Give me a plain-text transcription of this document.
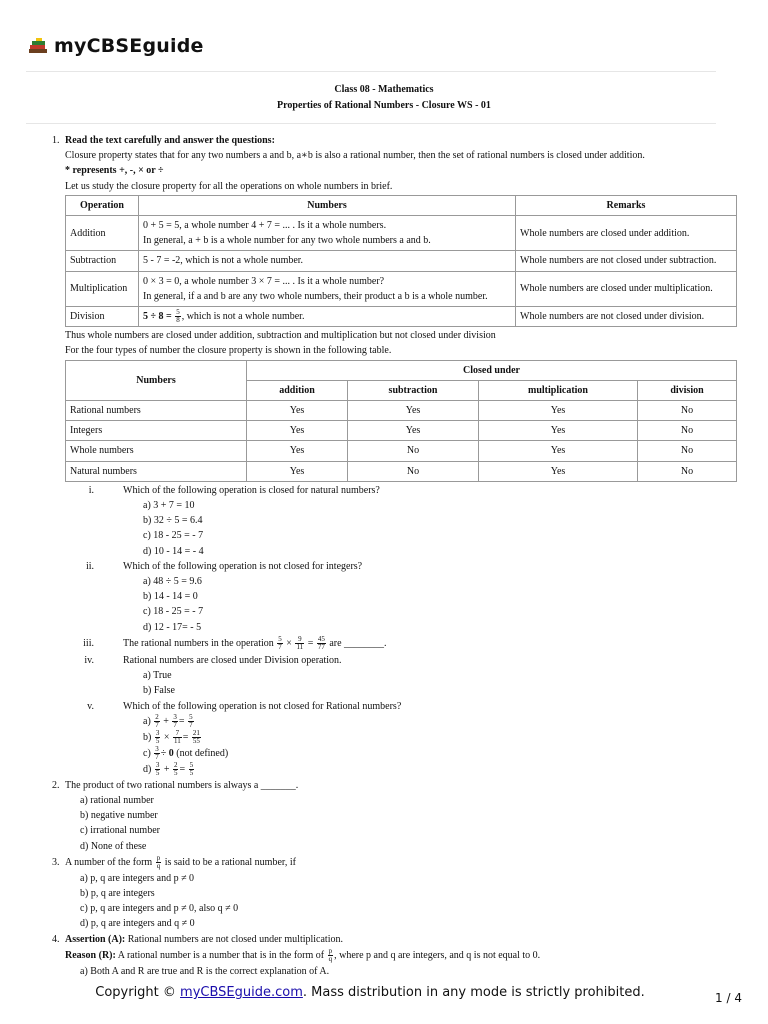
myCBSEguide
Class 08 - Mathematics
Properties of Rational Numbers - Closure WS - 01
1. Read the text carefully and answer the questions:
Closure property states that for any two numbers a and b, a∗b is also a rational number, then the set of rational numbers is closed under addition.
* represents +, -, × or ÷
Let us study the closure property for all the operations on whole numbers in brief.
Operation	Numbers	Remarks
Addition	0 + 5 = 5, a whole number 4 + 7 = ... . Is it a whole numbers.
In general, a + b is a whole number for any two whole numbers a and b.	Whole numbers are closed under addition.
Subtraction	5 - 7 = -2, which is not a whole number.	Whole numbers are not closed under subtraction.
Multiplication	0 × 3 = 0, a whole number 3 × 7 = ... . Is it a whole number?
In general, if a and b are any two whole numbers, their product a b is a whole number.	Whole numbers are closed under multiplication.
Division	$5 \div 8 = \frac{5}{8}$ , which is not a whole number.	Whole numbers are not closed under division.
Thus whole numbers are closed under addition, subtraction and multiplication but not closed under division
For the four types of number the closure property is shown in the following table.
Numbers	Closed under			
	addition	subtraction	multiplication	division
Rational numbers	Yes	Yes	Yes	No
Integers	Yes	Yes	Yes	No
Whole numbers	Yes	No	Yes	No
Natural numbers	Yes	No	Yes	No
i.	Which of the following operation is closed for natural numbers?
a) 3 + 7 = 10
b) 32 ÷ 5 = 6.4
c) 18 - 25 = - 7
d) 10 - 14 = - 4
ii.	Which of the following operation is not closed for integers?
a) 48 ÷ 5 = 9.6
b) 14 - 14 = 0
c) 18 - 25 = - 7
d) 12 - 17= - 5
iii.	The rational numbers in the operation $\frac{5}{7} \times \frac{9}{11} = \frac{45}{77}$ are ________.
iv.	Rational numbers are closed under Division operation.
a) True
b) False
v.	Which of the following operation is not closed for Rational numbers?
$a) \frac{2}{7} + \frac{3}{7} = \frac{5}{7}$
$b) \frac{3}{5} \times \frac{7}{11} = \frac{21}{55}$
$c) \frac{3}{7} \div 0$ (not defined)
$d) \frac{3}{5} + \frac{2}{5} = \frac{5}{5}$
2. The product of two rational numbers is always a _______.
a) rational number
b) negative number
c) irrational number
d) None of these
3. A number of the form $\frac{p}{q}$ is said to be a rational number, if
a) p, q are integers and p ≠ 0
b) p, q are integers
c) p, q are integers and p ≠ 0, also q ≠ 0
d) p, q are integers and q ≠ 0
4. Assertion (A): Rational numbers are not closed under multiplication.
Reason (R): A rational number is a number that is in the form of $\frac{p}{q}$ , where p and q are integers, and q is not equal to 0.
a) Both A and R are true and R is the correct explanation of A.
Copyright © myCBSEguide.com. Mass distribution in any mode is strictly prohibited.	1 / 4
